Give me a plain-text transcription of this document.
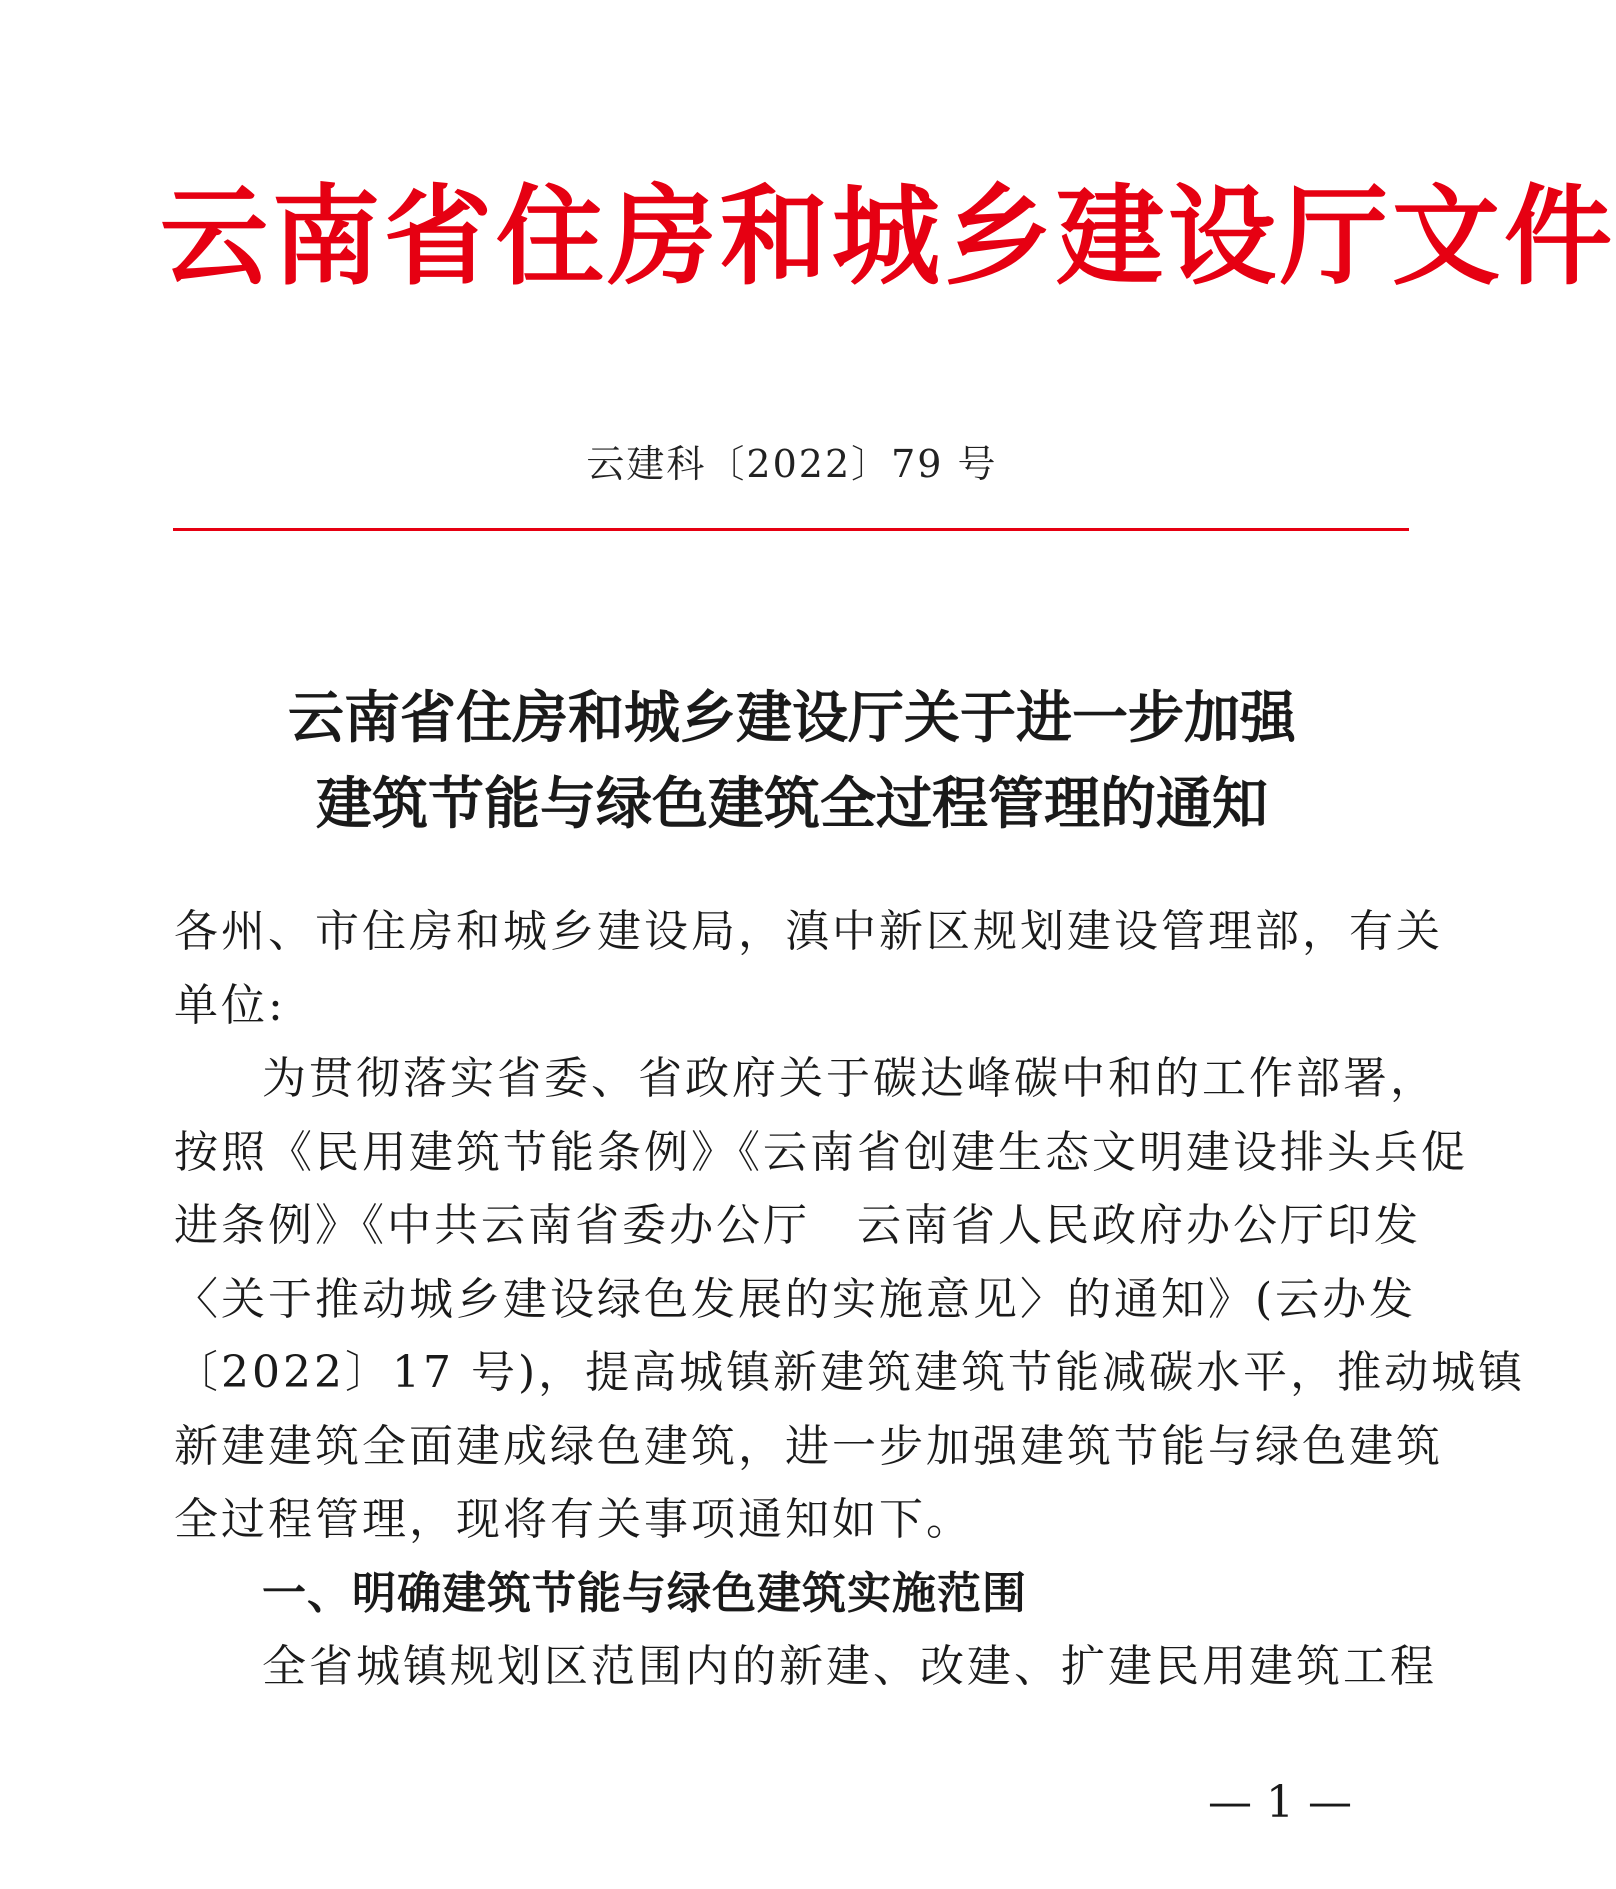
云南省住房和城乡建设厅文件
云建科〔2022〕79 号
云南省住房和城乡建设厅关于进一步加强
建筑节能与绿色建筑全过程管理的通知
各州、市住房和城乡建设局，滇中新区规划建设管理部，有关
单位:
为贯彻落实省委、省政府关于碳达峰碳中和的工作部署，
按照《民用建筑节能条例》《云南省创建生态文明建设排头兵促
进条例》《中共云南省委办公厅　云南省人民政府办公厅印发
〈关于推动城乡建设绿色发展的实施意见〉的通知》(云办发
〔2022〕17 号)，提高城镇新建筑建筑节能减碳水平，推动城镇
新建建筑全面建成绿色建筑，进一步加强建筑节能与绿色建筑
全过程管理，现将有关事项通知如下。
一、明确建筑节能与绿色建筑实施范围
全省城镇规划区范围内的新建、改建、扩建民用建筑工程
— 1 —
